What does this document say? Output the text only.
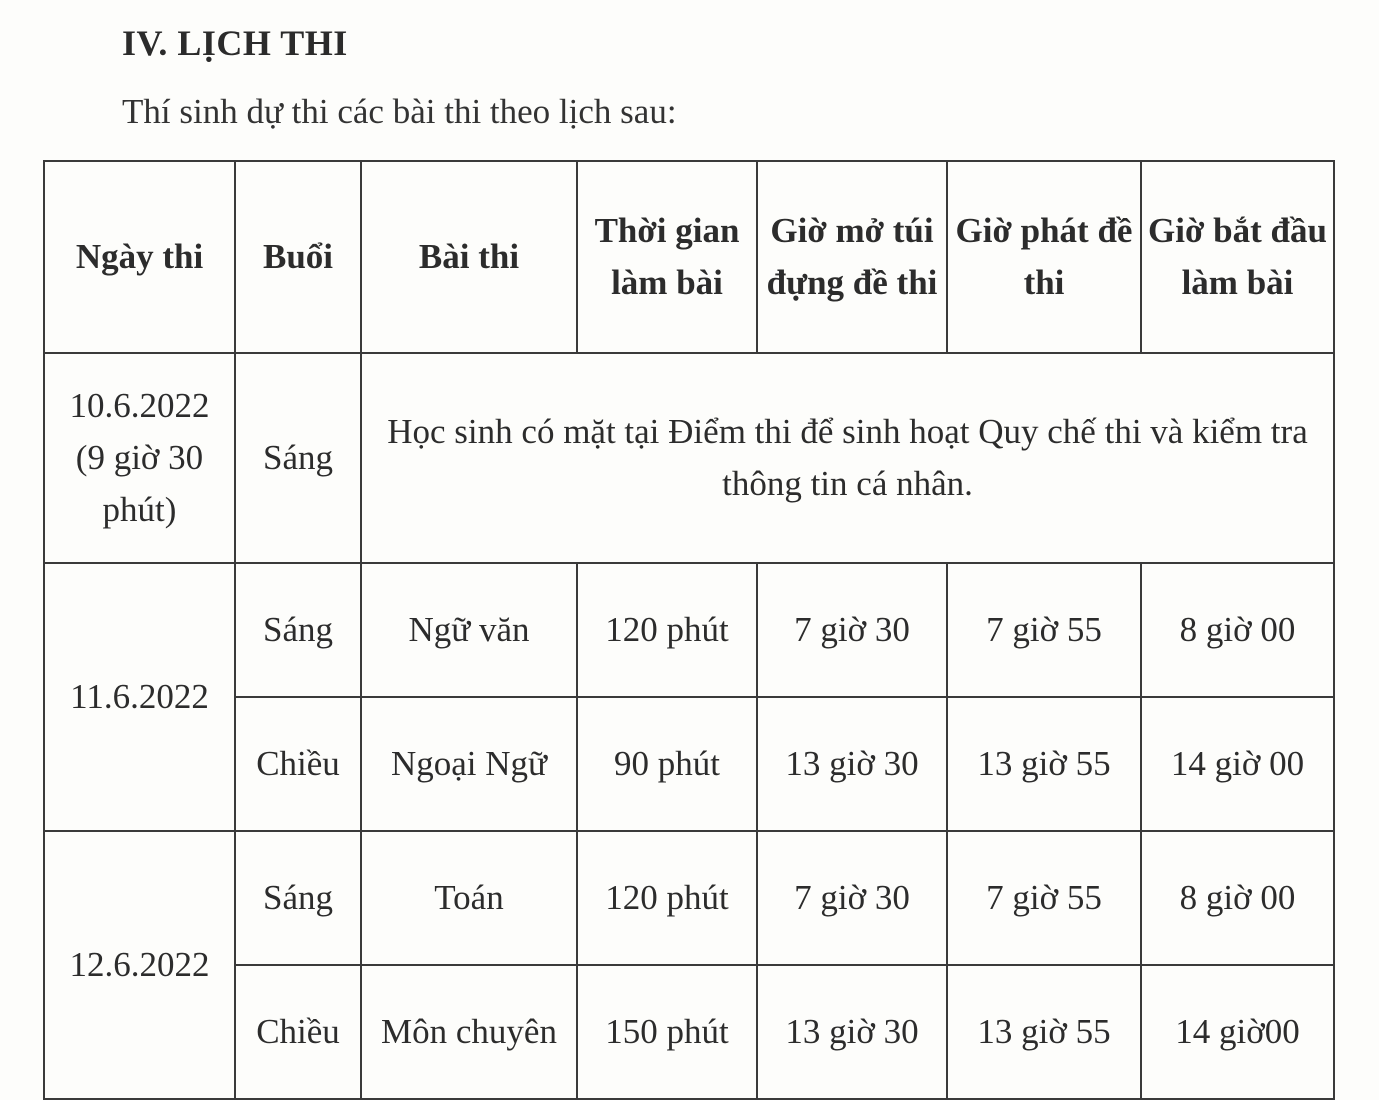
IV. LỊCH THI

Thí sinh dự thi các bài thi theo lịch sau:

Ngày thi	Buổi	Bài thi	Thời gian làm bài	Giờ mở túi đựng đề thi	Giờ phát đề thi	Giờ bắt đầu làm bài

10.6.2022
(9 giờ 30 phút)	Sáng	Học sinh có mặt tại Điểm thi để sinh hoạt Quy chế thi và kiểm tra thông tin cá nhân.				
11.6.2022	Sáng	Ngữ văn	120 phút	7 giờ 30	7 giờ 55	8 giờ 00
	Chiều	Ngoại Ngữ	90 phút	13 giờ 30	13 giờ 55	14 giờ 00
12.6.2022	Sáng	Toán	120 phút	7 giờ 30	7 giờ 55	8 giờ 00
	Chiều	Môn chuyên	150 phút	13 giờ 30	13 giờ 55	14 giờ00
